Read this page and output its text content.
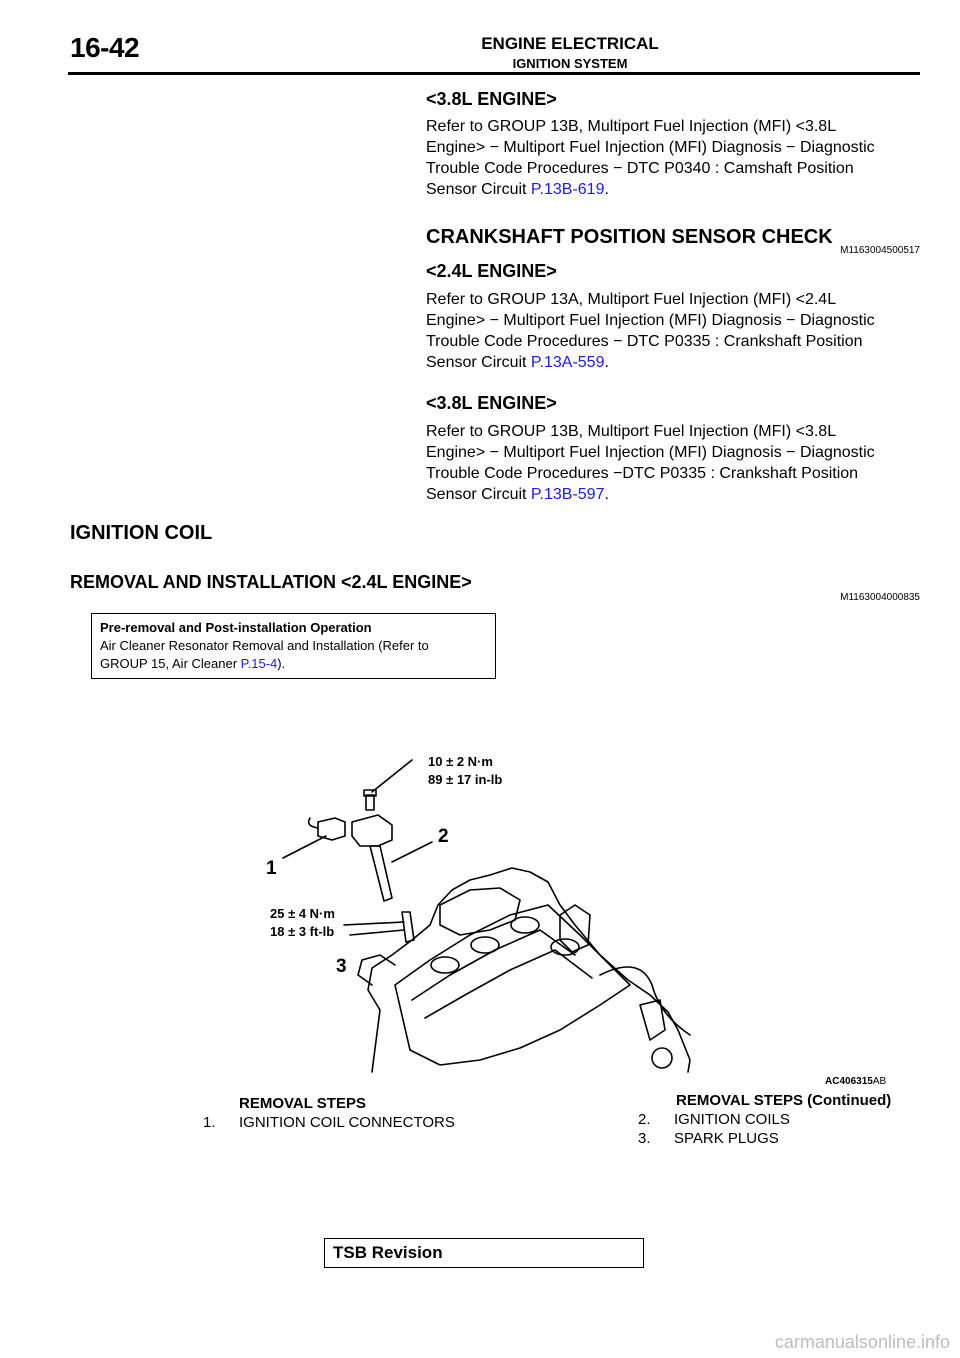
16-42	ENGINE ELECTRICAL
IGNITION SYSTEM
<3.8L ENGINE>
Refer to GROUP 13B, Multiport Fuel Injection (MFI) <3.8L
Engine> − Multiport Fuel Injection (MFI) Diagnosis − Diagnostic
Trouble Code Procedures − DTC P0340 : Camshaft Position
Sensor Circuit P.13B-619.
CRANKSHAFT POSITION SENSOR CHECK
M1163004500517
<2.4L ENGINE>
Refer to GROUP 13A, Multiport Fuel Injection (MFI) <2.4L
Engine> − Multiport Fuel Injection (MFI) Diagnosis − Diagnostic
Trouble Code Procedures − DTC P0335 : Crankshaft Position
Sensor Circuit P.13A-559.
<3.8L ENGINE>
Refer to GROUP 13B, Multiport Fuel Injection (MFI) <3.8L
Engine> − Multiport Fuel Injection (MFI) Diagnosis − Diagnostic
Trouble Code Procedures −DTC P0335 : Crankshaft Position
Sensor Circuit P.13B-597.
IGNITION COIL
REMOVAL AND INSTALLATION <2.4L ENGINE>
M1163004000835
Pre-removal and Post-installation Operation
Air Cleaner Resonator Removal and Installation (Refer to
GROUP 15, Air Cleaner P.15-4).
10 ± 2 N·m
89 ± 17 in-lb
25 ± 4 N·m
18 ± 3 ft-lb
1
2
3
AC406315AB
REMOVAL STEPS
1. IGNITION COIL CONNECTORS
REMOVAL STEPS (Continued)
2. IGNITION COILS
3. SPARK PLUGS
TSB Revision
carmanualsonline.info
